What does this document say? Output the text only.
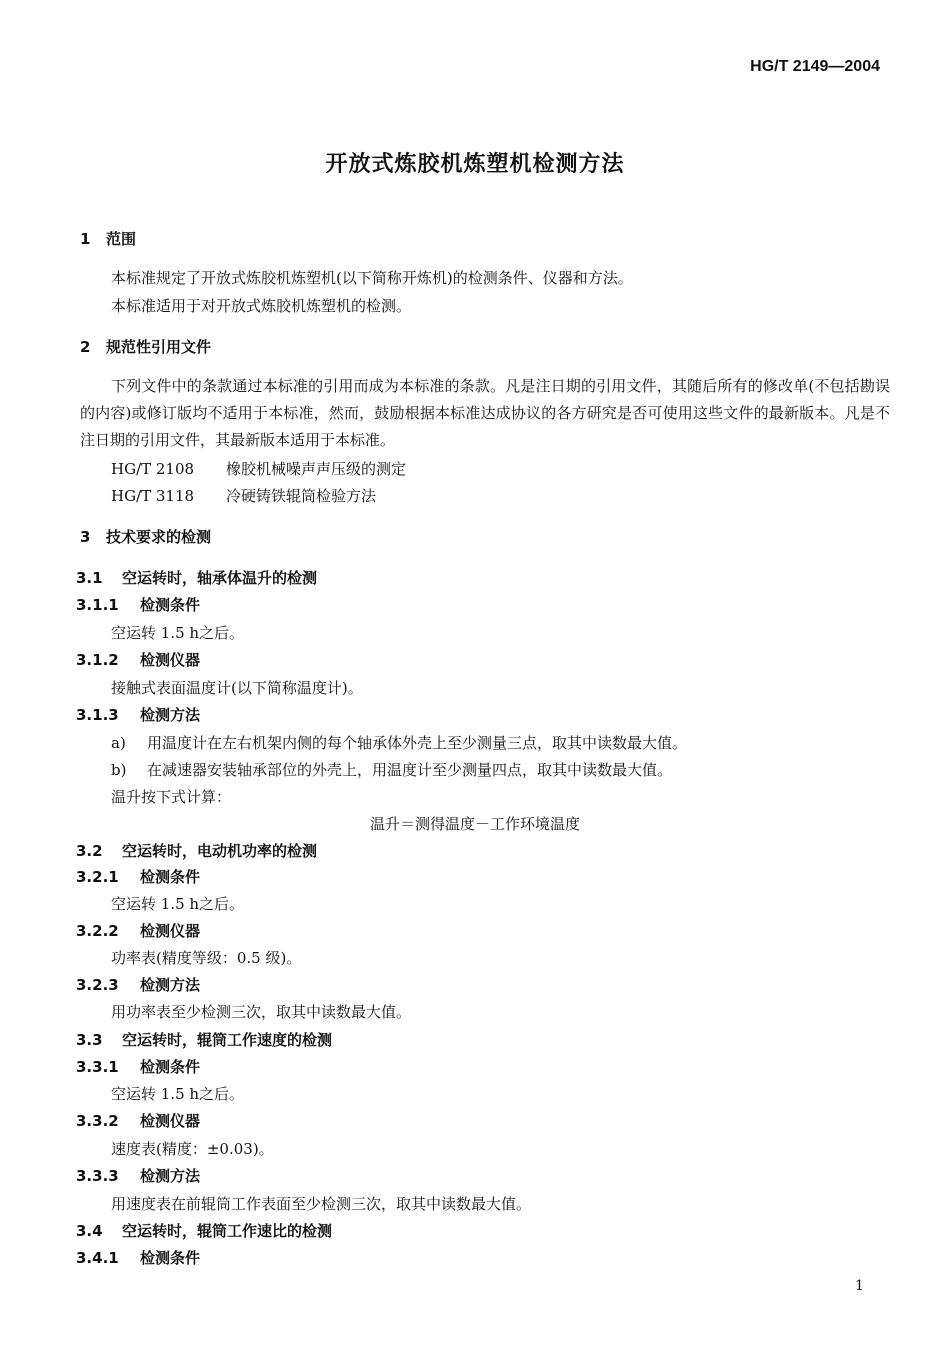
HG/T 2149—2004
开放式炼胶机炼塑机检测方法
1 范围
本标准规定了开放式炼胶机炼塑机(以下简称开炼机)的检测条件、仪器和方法。
本标准适用于对开放式炼胶机炼塑机的检测。
2 规范性引用文件
下列文件中的条款通过本标准的引用而成为本标准的条款。凡是注日期的引用文件，其随后所有的修改单(不包括勘误的内容)或修订版均不适用于本标准，然而，鼓励根据本标准达成协议的各方研究是否可使用这些文件的最新版本。凡是不注日期的引用文件，其最新版本适用于本标准。
HG/T 2108 橡胶机械噪声声压级的测定
HG/T 3118 冷硬铸铁辊筒检验方法
3 技术要求的检测
3.1 空运转时，轴承体温升的检测
3.1.1 检测条件
空运转 1.5 h之后。
3.1.2 检测仪器
接触式表面温度计(以下简称温度计)。
3.1.3 检测方法
a) 用温度计在左右机架内侧的每个轴承体外壳上至少测量三点，取其中读数最大值。
b) 在减速器安装轴承部位的外壳上，用温度计至少测量四点，取其中读数最大值。
温升按下式计算：
温升＝测得温度－工作环境温度
3.2 空运转时，电动机功率的检测
3.2.1 检测条件
空运转 1.5 h之后。
3.2.2 检测仪器
功率表(精度等级：0.5 级)。
3.2.3 检测方法
用功率表至少检测三次，取其中读数最大值。
3.3 空运转时，辊筒工作速度的检测
3.3.1 检测条件
空运转 1.5 h之后。
3.3.2 检测仪器
速度表(精度：±0.03)。
3.3.3 检测方法
用速度表在前辊筒工作表面至少检测三次，取其中读数最大值。
3.4 空运转时，辊筒工作速比的检测
3.4.1 检测条件
1
